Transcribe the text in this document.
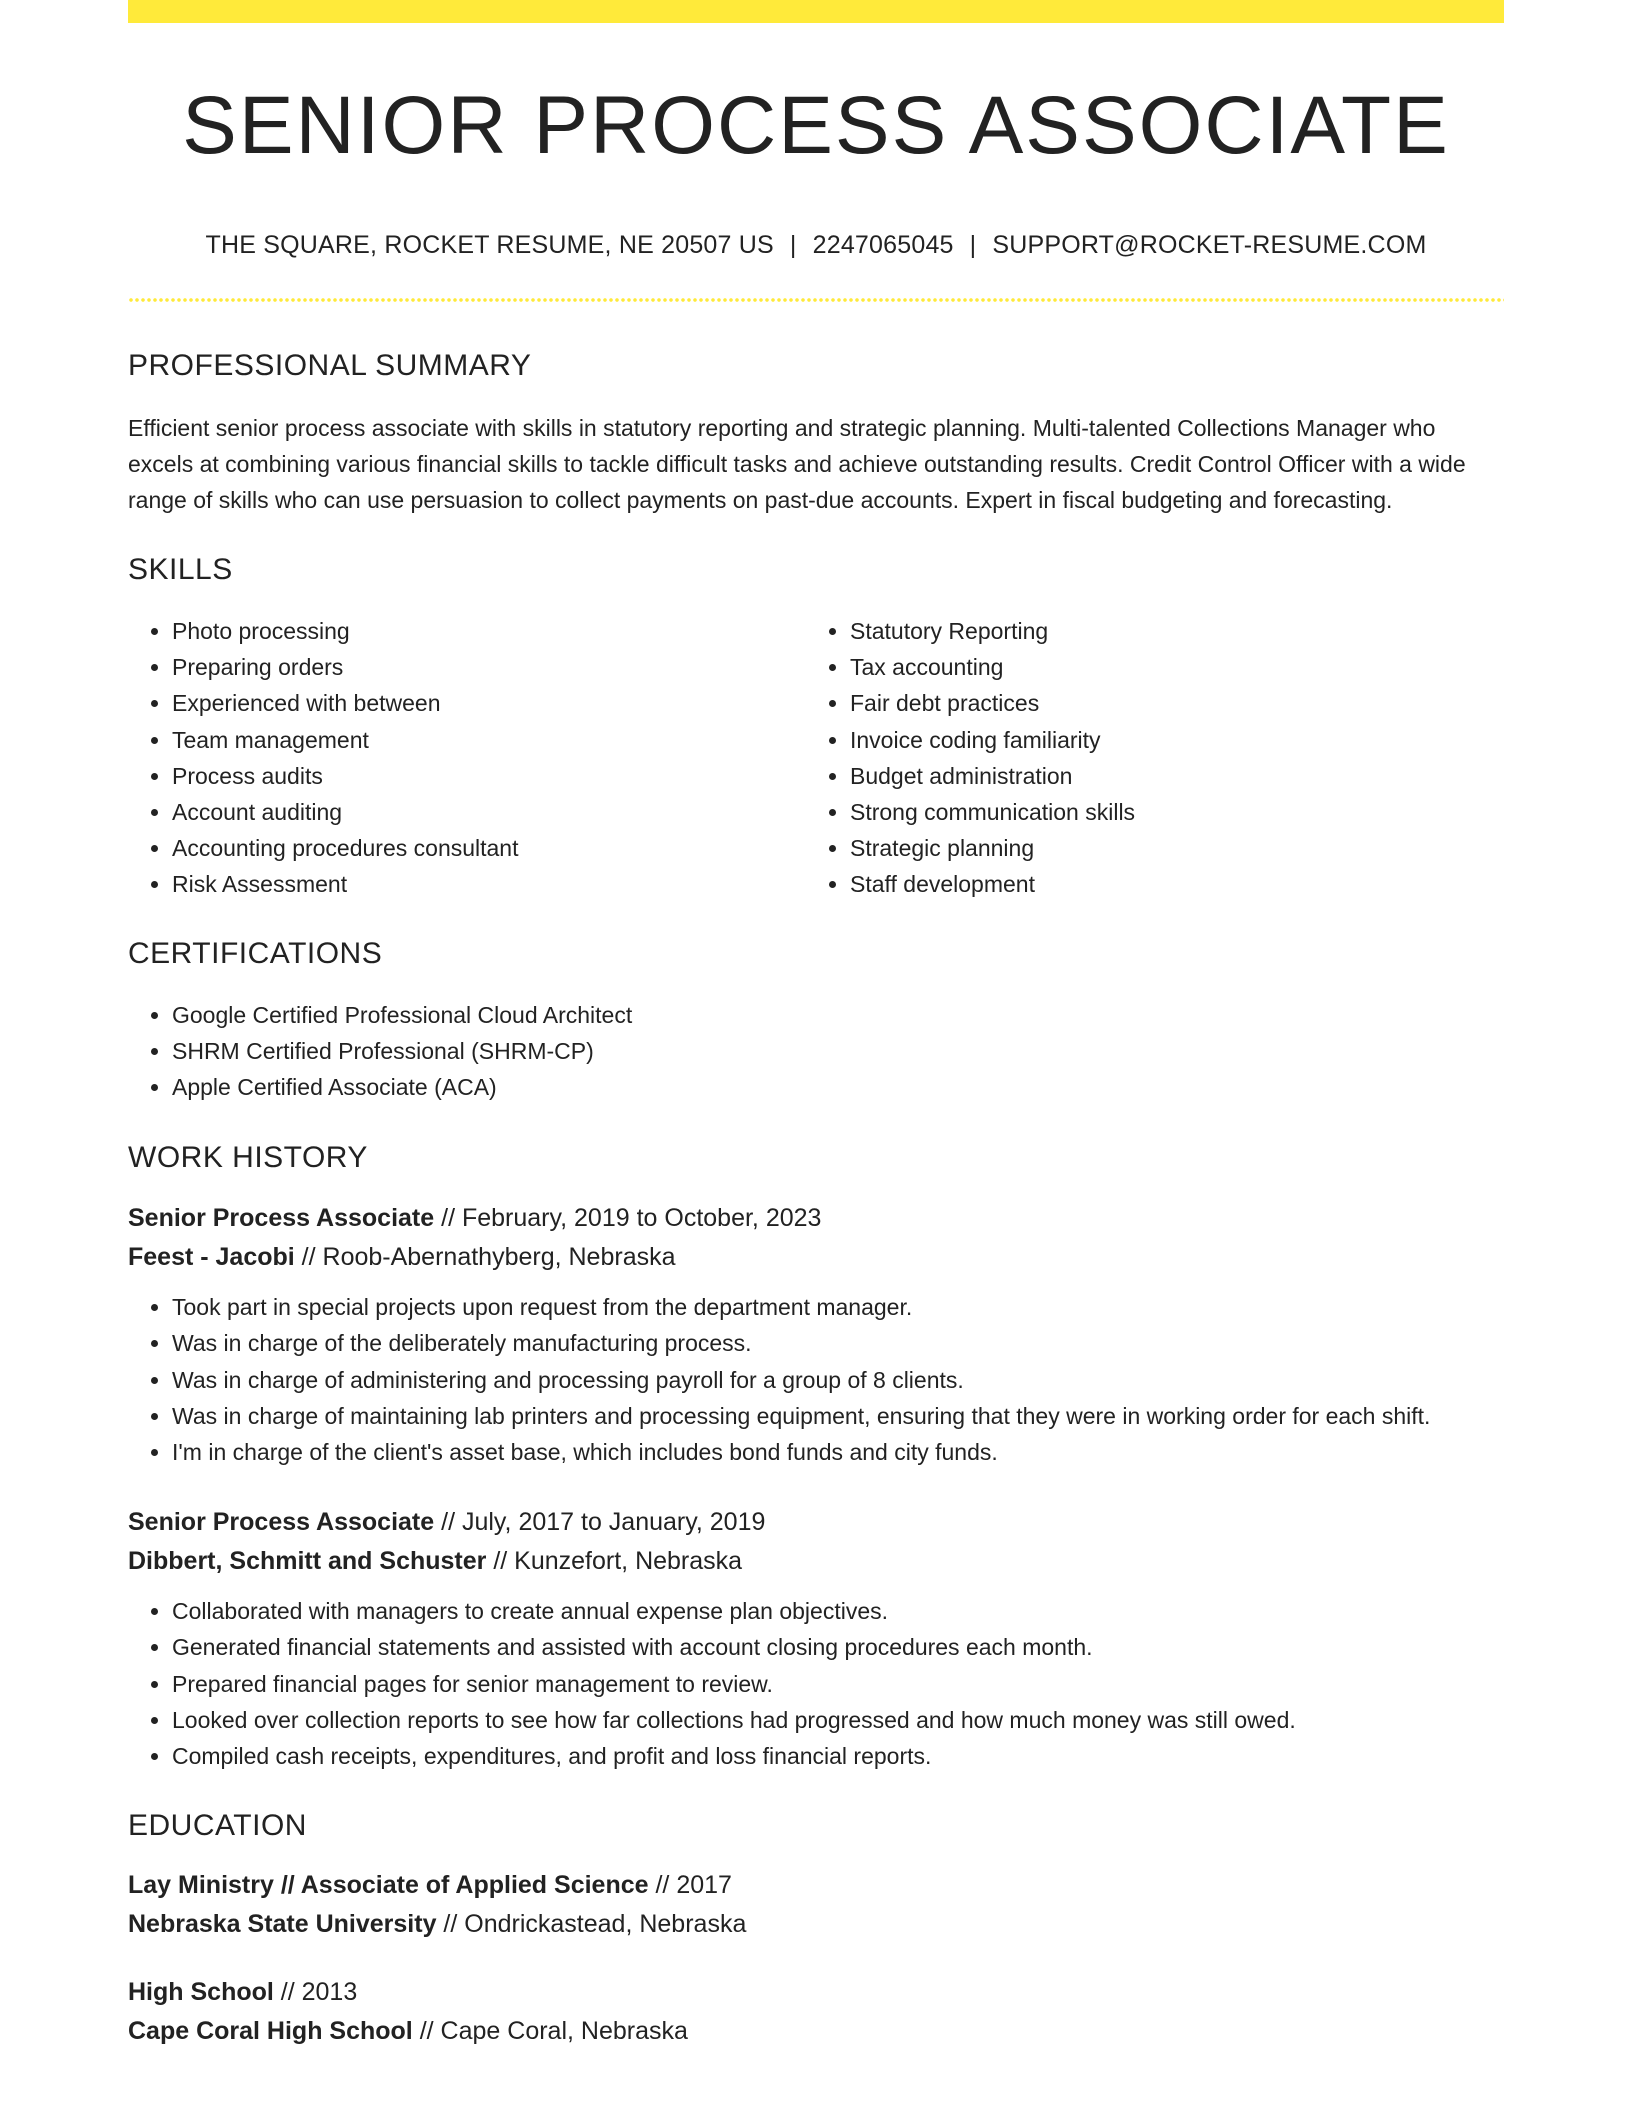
SENIOR PROCESS ASSOCIATE
THE SQUARE, ROCKET RESUME, NE 20507 US | 2247065045 | SUPPORT@ROCKET-RESUME.COM
PROFESSIONAL SUMMARY

Efficient senior process associate with skills in statutory reporting and strategic planning. Multi-talented Collections Manager who excels at combining various financial skills to tackle difficult tasks and achieve outstanding results. Credit Control Officer with a wide range of skills who can use persuasion to collect payments on past-due accounts. Expert in fiscal budgeting and forecasting.

SKILLS
• Photo processing
• Preparing orders
• Experienced with between
• Team management
• Process audits
• Account auditing
• Accounting procedures consultant
• Risk Assessment
• Statutory Reporting
• Tax accounting
• Fair debt practices
• Invoice coding familiarity
• Budget administration
• Strong communication skills
• Strategic planning
• Staff development
CERTIFICATIONS
• Google Certified Professional Cloud Architect
• SHRM Certified Professional (SHRM-CP)
• Apple Certified Associate (ACA)
WORK HISTORY
Senior Process Associate // February, 2019 to October, 2023
Feest - Jacobi // Roob-Abernathyberg, Nebraska
• Took part in special projects upon request from the department manager.
• Was in charge of the deliberately manufacturing process.
• Was in charge of administering and processing payroll for a group of 8 clients.
• Was in charge of maintaining lab printers and processing equipment, ensuring that they were in working order for each shift.
• I'm in charge of the client's asset base, which includes bond funds and city funds.
Senior Process Associate // July, 2017 to January, 2019
Dibbert, Schmitt and Schuster // Kunzefort, Nebraska
• Collaborated with managers to create annual expense plan objectives.
• Generated financial statements and assisted with account closing procedures each month.
• Prepared financial pages for senior management to review.
• Looked over collection reports to see how far collections had progressed and how much money was still owed.
• Compiled cash receipts, expenditures, and profit and loss financial reports.
EDUCATION
Lay Ministry // Associate of Applied Science // 2017
Nebraska State University // Ondrickastead, Nebraska
High School // 2013
Cape Coral High School // Cape Coral, Nebraska
